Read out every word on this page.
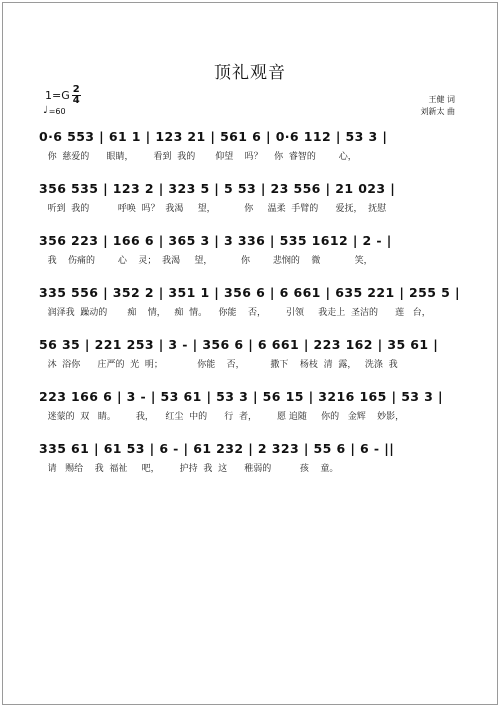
顶礼观音
$1=G \frac{2}{4}$
♩ =60
王健 词
刘新太 曲
0·6 553 | 61 1 | 123 21 | 561 6 | 0·6 112 | 53 3 |
你  慈爱的      眼睛，       看到  我的       仰望    吗？    你  睿智的        心，
356 535 | 123 2 | 323 5 | 5 53 | 23 556 | 21 023 |
听到  我的          呼唤  吗？  我渴     望，          你     温柔  手臂的      爱抚，  抚慰
356 223 | 166 6 | 365 3 | 3 336 | 535 1612 | 2 - |
我    伤痛的        心    灵；  我渴     望，          你        悲悯的    微            笑，
335 556 | 352 2 | 351 1 | 356 6 | 6 661 | 635 221 | 255 5 |
润泽我  躁动的       痴    情，   痴  情。    你能    否，       引领     我走上  圣洁的      莲   台，
56 35 | 221 253 | 3 - | 356 6 | 6 661 | 223 162 | 35 61 |
沐  浴你      庄严的  光  明；            你能    否，         撒下    杨枝  清  露，   洗涤  我
223 166 6 | 3 - | 53 61 | 53 3 | 56 15 | 3216 165 | 53 3 |
迷蒙的  双   睛。       我，    红尘  中的      行  者，       愿 追随     你的   金辉    妙影，
335 61 | 61 53 | 6 - | 61 232 | 2 323 | 55 6 | 6 - ||
请   赐给    我  福祉     吧，       护持  我  这      稚弱的          孩    童。
